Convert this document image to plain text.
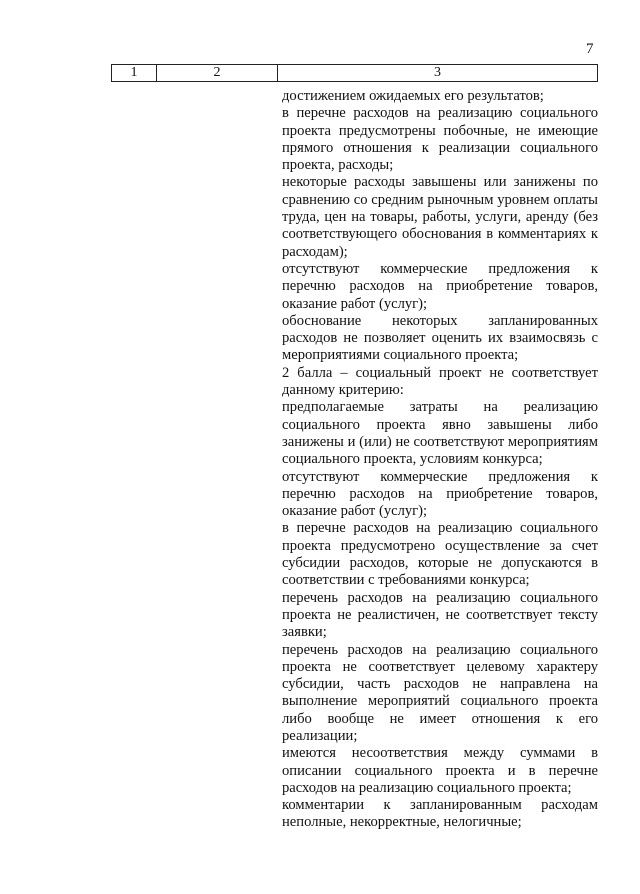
7
1	2	3

достижением ожидаемых его результатов;

в перечне расходов на реализацию социального проекта предусмотрены побочные, не имеющие прямого отношения к реализации социального проекта, расходы;

некоторые расходы завышены или занижены по сравнению со средним рыночным уровнем оплаты труда, цен на товары, работы, услуги, аренду (без соответствующего обоснования в комментариях к расходам);

отсутствуют коммерческие предложения к перечню расходов на приобретение товаров, оказание работ (услуг);

обоснование некоторых запланированных расходов не позволяет оценить их взаимосвязь с мероприятиями социального проекта;

2 балла – социальный проект не соответствует данному критерию:

предполагаемые затраты на реализацию социального проекта явно завышены либо занижены и (или) не соответствуют мероприятиям социального проекта, условиям конкурса;

отсутствуют коммерческие предложения к перечню расходов на приобретение товаров, оказание работ (услуг);

в перечне расходов на реализацию социального проекта предусмотрено осуществление за счет субсидии расходов, которые не допускаются в соответствии с требованиями конкурса;

перечень расходов на реализацию социального проекта не реалистичен, не соответствует тексту заявки;

перечень расходов на реализацию социального проекта не соответствует целевому характеру субсидии, часть расходов не направлена на выполнение мероприятий социального проекта либо вообще не имеет отношения к его реализации;

имеются несоответствия между суммами в описании социального проекта и в перечне расходов на реализацию социального проекта;

комментарии к запланированным расходам неполные, некорректные, нелогичные;
